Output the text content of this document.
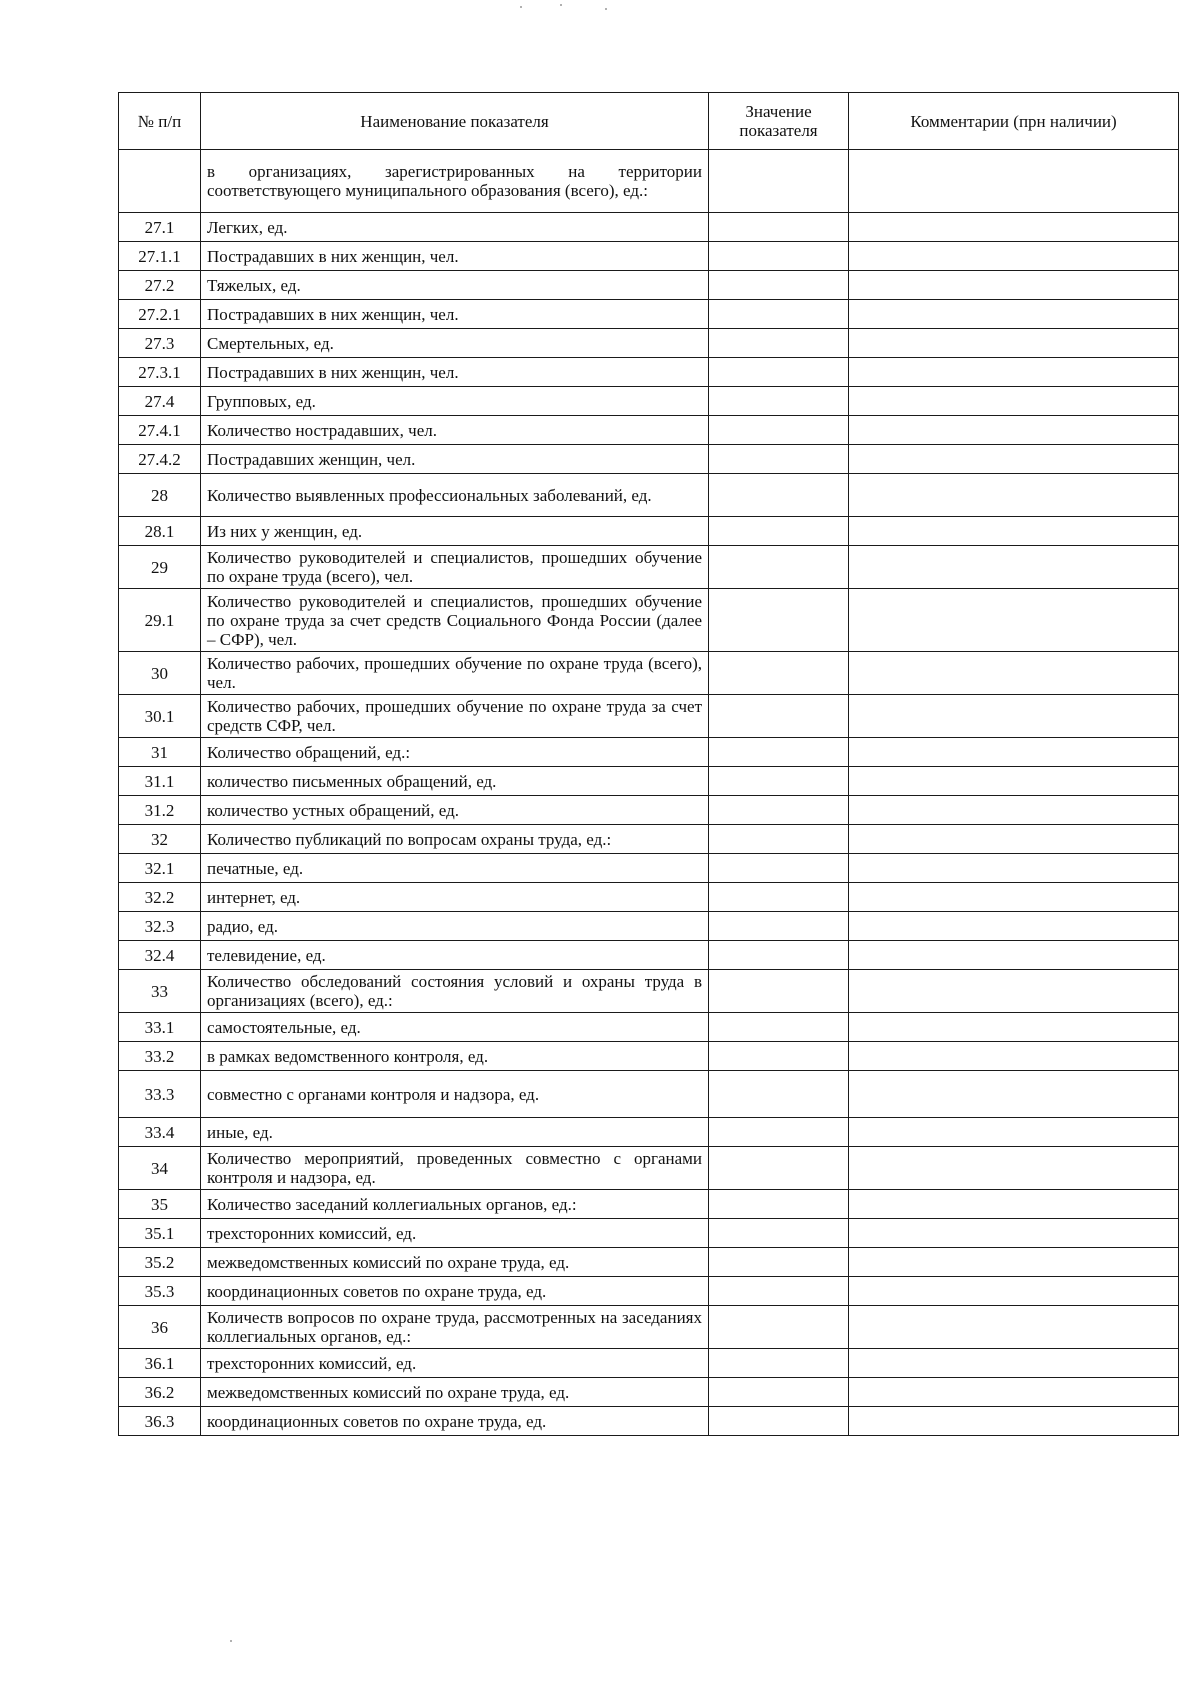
№ п/п	Наименование показателя	Значение показателя	Комментарии (прн наличии)
	в организациях, зарегистрированных на территории соответствующего муниципального образования (всего), ед.:		
27.1	Легких, ед.		
27.1.1	Пострадавших в них женщин, чел.		
27.2	Тяжелых, ед.		
27.2.1	Пострадавших в них женщин, чел.		
27.3	Смертельных, ед.		
27.3.1	Пострадавших в них женщин, чел.		
27.4	Групповых, ед.		
27.4.1	Количество нострадавших, чел.		
27.4.2	Пострадавших женщин, чел.		
28	Количество выявленных профессиональных заболеваний, ед.		
28.1	Из них у женщин, ед.		
29	Количество руководителей и специалистов, прошедших обучение по охране труда (всего), чел.		
29.1	Количество руководителей и специалистов, прошедших обучение по охране труда за счет средств Социального Фонда России (далее – СФР), чел.		
30	Количество рабочих, прошедших обучение по охране труда (всего), чел.		
30.1	Количество рабочих, прошедших обучение по охране труда за счет средств СФР, чел.		
31	Количество обращений, ед.:		
31.1	количество письменных обращений, ед.		
31.2	количество устных обращений, ед.		
32	Количество публикаций по вопросам охраны труда, ед.:		
32.1	печатные, ед.		
32.2	интернет, ед.		
32.3	радио, ед.		
32.4	телевидение, ед.		
33	Количество обследований состояния условий и охраны труда в организациях (всего), ед.:		
33.1	самостоятельные, ед.		
33.2	в рамках ведомственного контроля, ед.		
33.3	совместно с органами контроля и надзора, ед.		
33.4	иные, ед.		
34	Количество мероприятий, проведенных совместно с органами контроля и надзора, ед.		
35	Количество заседаний коллегиальных органов, ед.:		
35.1	трехсторонних комиссий, ед.		
35.2	межведомственных комиссий по охране труда, ед.		
35.3	координационных советов по охране труда, ед.		
36	Количеств вопросов по охране труда, рассмотренных на заседаниях коллегиальных органов, ед.:		
36.1	трехсторонних комиссий, ед.		
36.2	межведомственных комиссий по охране труда, ед.		
36.3	координационных советов по охране труда, ед.		
